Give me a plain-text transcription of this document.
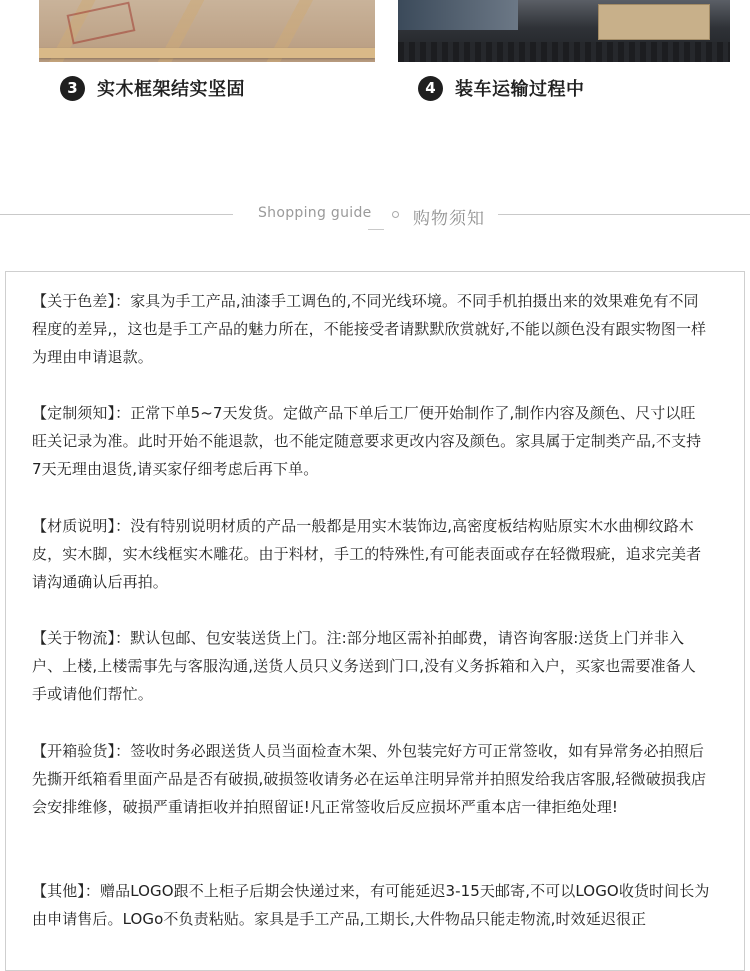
3	实木框架结实坚固	4	装车运输过程中
Shopping guide 购物须知

【关于色差】：家具为手工产品,油漆手工调色的,不同光线环境。不同手机拍摄出来的效果难免有不同程度的差异,，这也是手工产品的魅力所在，不能接受者请默默欣赏就好,不能以颜色没有跟实物图一样为理由申请退款。

【定制须知】：正常下单5~7天发货。定做产品下单后工厂便开始制作了,制作内容及颜色、尺寸以旺旺关记录为准。此时开始不能退款，也不能定随意要求更改内容及颜色。家具属于定制类产品,不支持7天无理由退货,请买家仔细考虑后再下单。

【材质说明】：没有特别说明材质的产品一般都是用实木装饰边,高密度板结构贴原实木水曲柳纹路木皮，实木脚，实木线框实木雕花。由于料材，手工的特殊性,有可能表面或存在轻微瑕疵，追求完美者请沟通确认后再拍。

【关于物流】：默认包邮、包安装送货上门。注:部分地区需补拍邮费，请咨询客服:送货上门并非入户、上楼,上楼需事先与客服沟通,送货人员只义务送到门口,没有义务拆箱和入户，买家也需要准备人手或请他们帮忙。

【开箱验货】：签收时务必跟送货人员当面检查木架、外包装完好方可正常签收，如有异常务必拍照后先撕开纸箱看里面产品是否有破损,破损签收请务必在运单注明异常并拍照发给我店客服,轻微破损我店会安排维修，破损严重请拒收并拍照留证!凡正常签收后反应损坏严重本店一律拒绝处理!

【其他】：赠品LOGO跟不上柜子后期会快递过来，有可能延迟3-15天邮寄,不可以LOGO收货时间长为由申请售后。LOGo不负责粘贴。家具是手工产品,工期长,大件物品只能走物流,时效延迟很正
